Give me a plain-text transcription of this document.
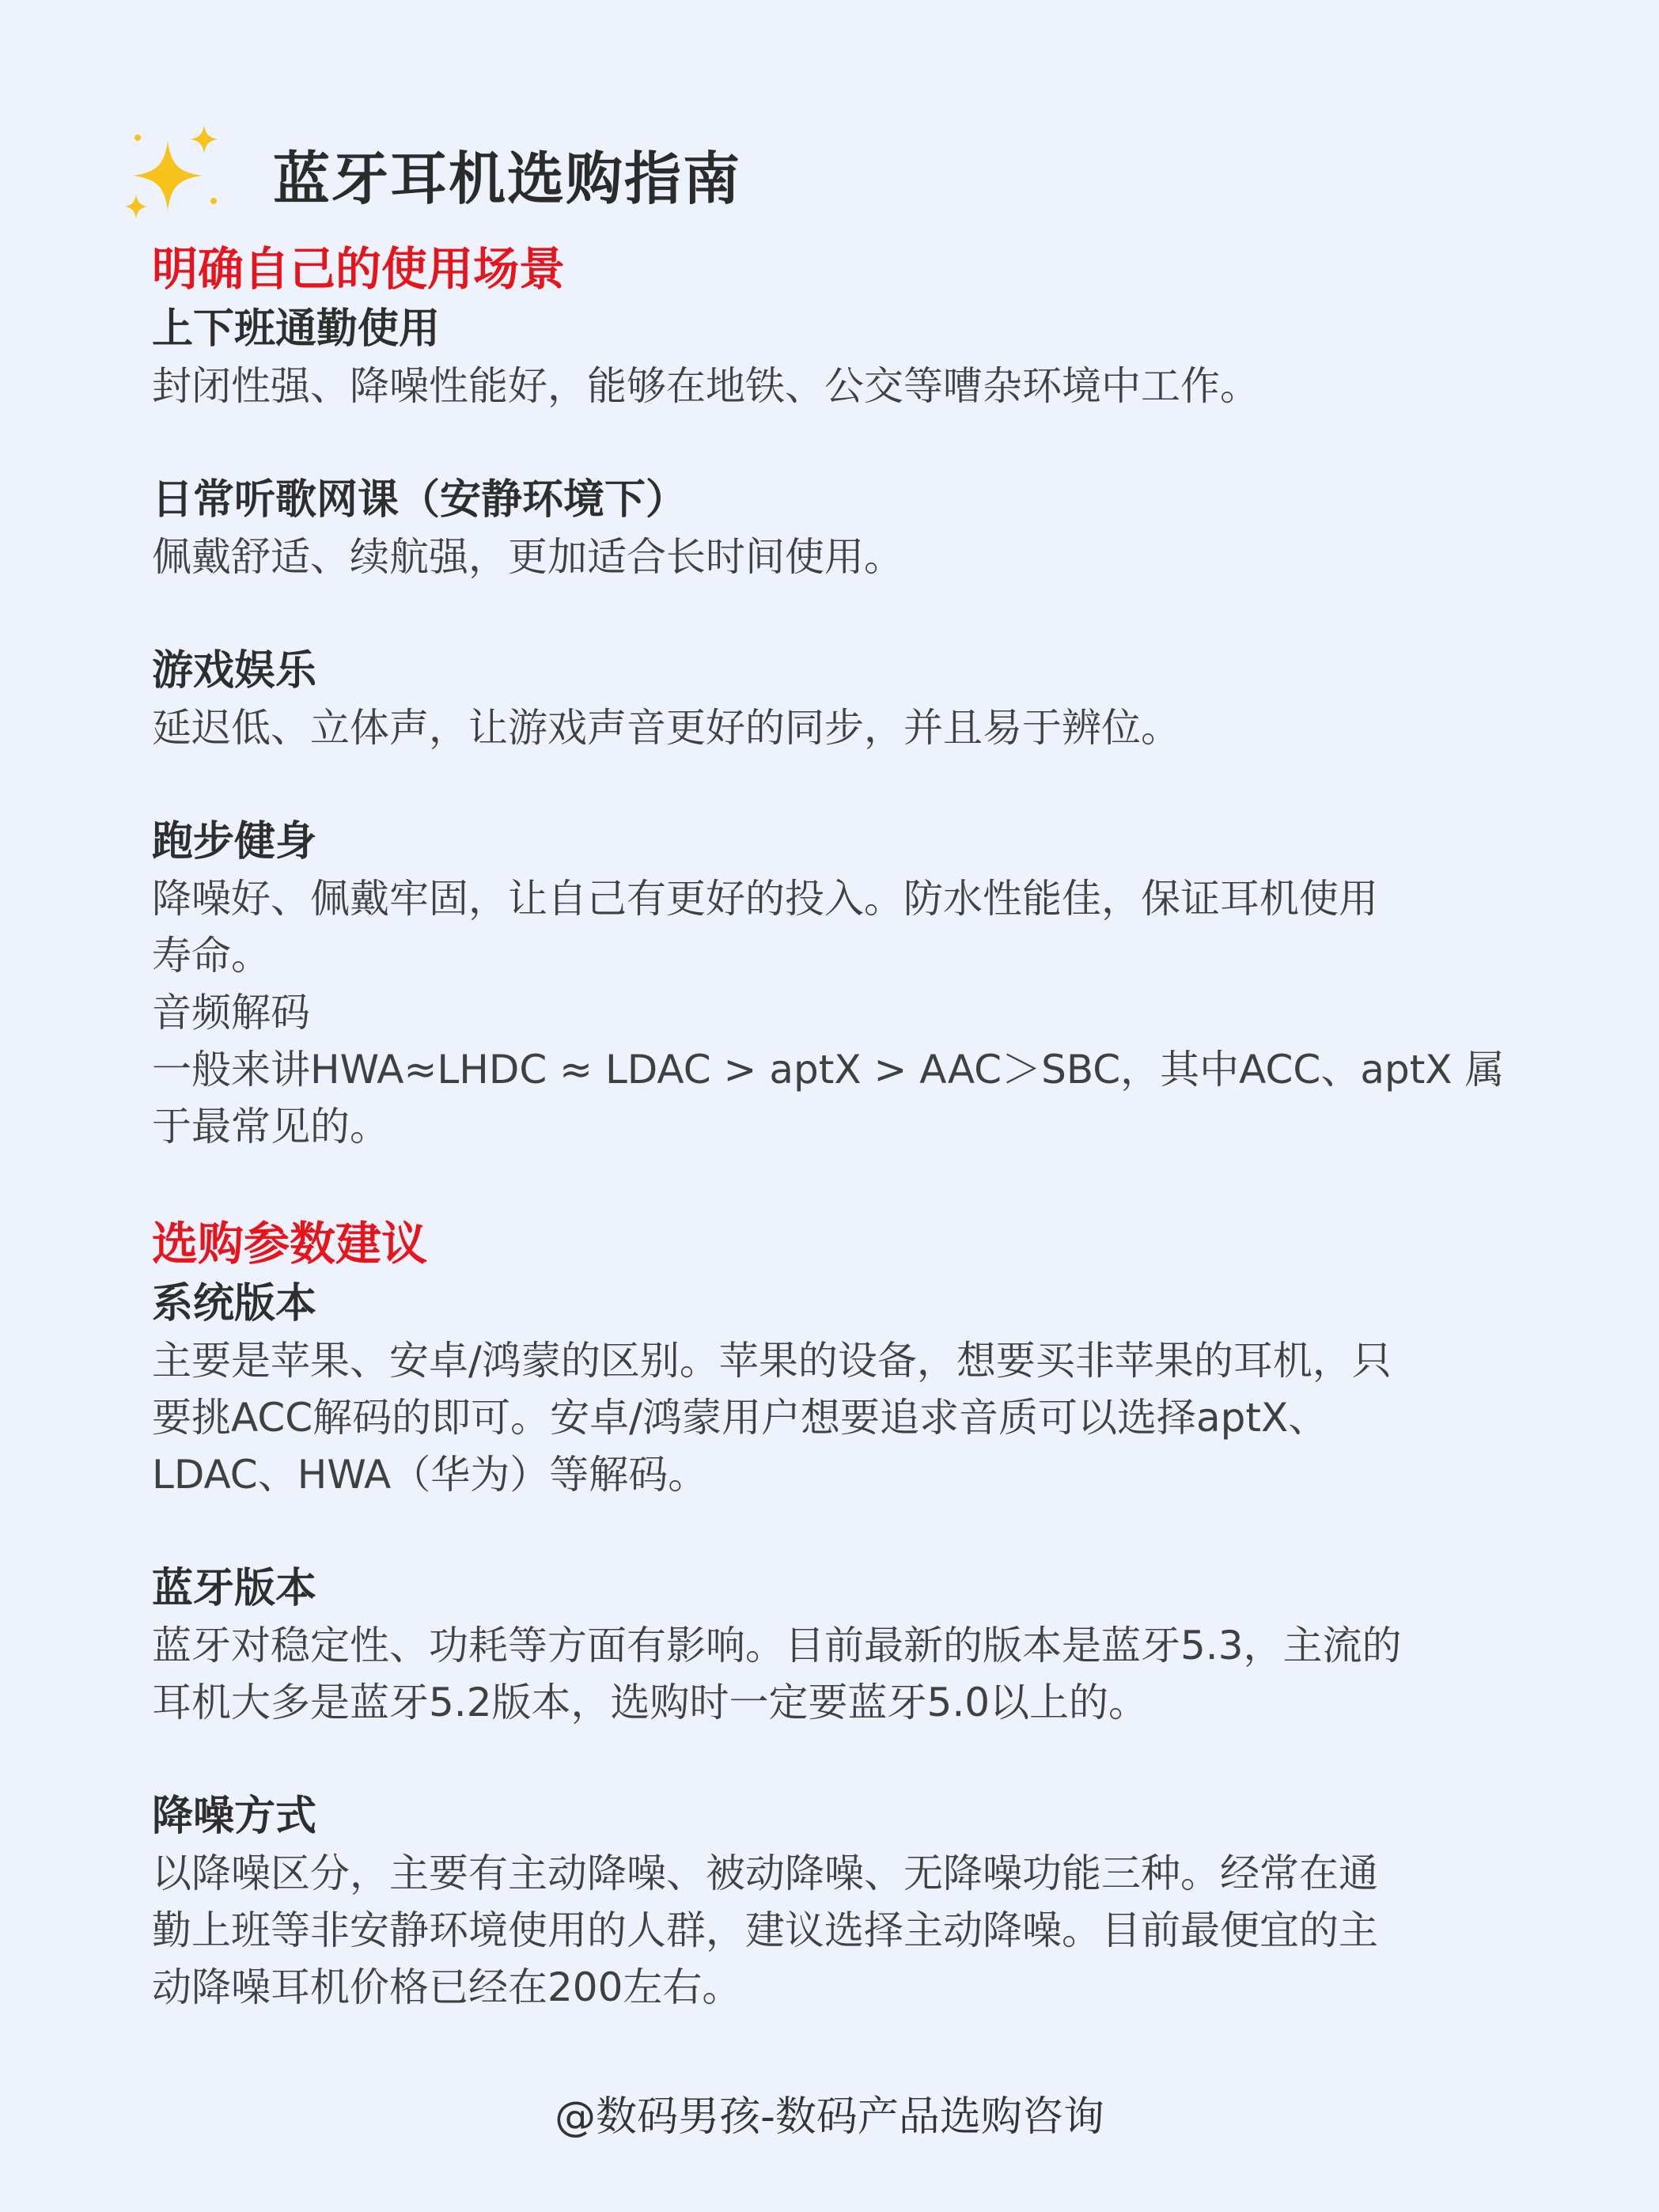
蓝牙耳机选购指南

明确自己的使用场景

上下班通勤使用

封闭性强、降噪性能好，能够在地铁、公交等嘈杂环境中工作。

日常听歌网课（安静环境下）

佩戴舒适、续航强，更加适合长时间使用。

游戏娱乐

延迟低、立体声，让游戏声音更好的同步，并且易于辨位。

跑步健身

降噪好、佩戴牢固，让自己有更好的投入。防水性能佳，保证耳机使用

寿命。

音频解码

一般来讲HWA≈LHDC ≈ LDAC > aptX > AAC＞SBC，其中ACC、aptX 属

于最常见的。

选购参数建议

系统版本

主要是苹果、安卓/鸿蒙的区别。苹果的设备，想要买非苹果的耳机，只

要挑ACC解码的即可。安卓/鸿蒙用户想要追求音质可以选择aptX、

LDAC、HWA（华为）等解码。

蓝牙版本

蓝牙对稳定性、功耗等方面有影响。目前最新的版本是蓝牙5.3，主流的

耳机大多是蓝牙5.2版本，选购时一定要蓝牙5.0以上的。

降噪方式

以降噪区分，主要有主动降噪、被动降噪、无降噪功能三种。经常在通

勤上班等非安静环境使用的人群，建议选择主动降噪。目前最便宜的主

动降噪耳机价格已经在200左右。

@数码男孩-数码产品选购咨询
